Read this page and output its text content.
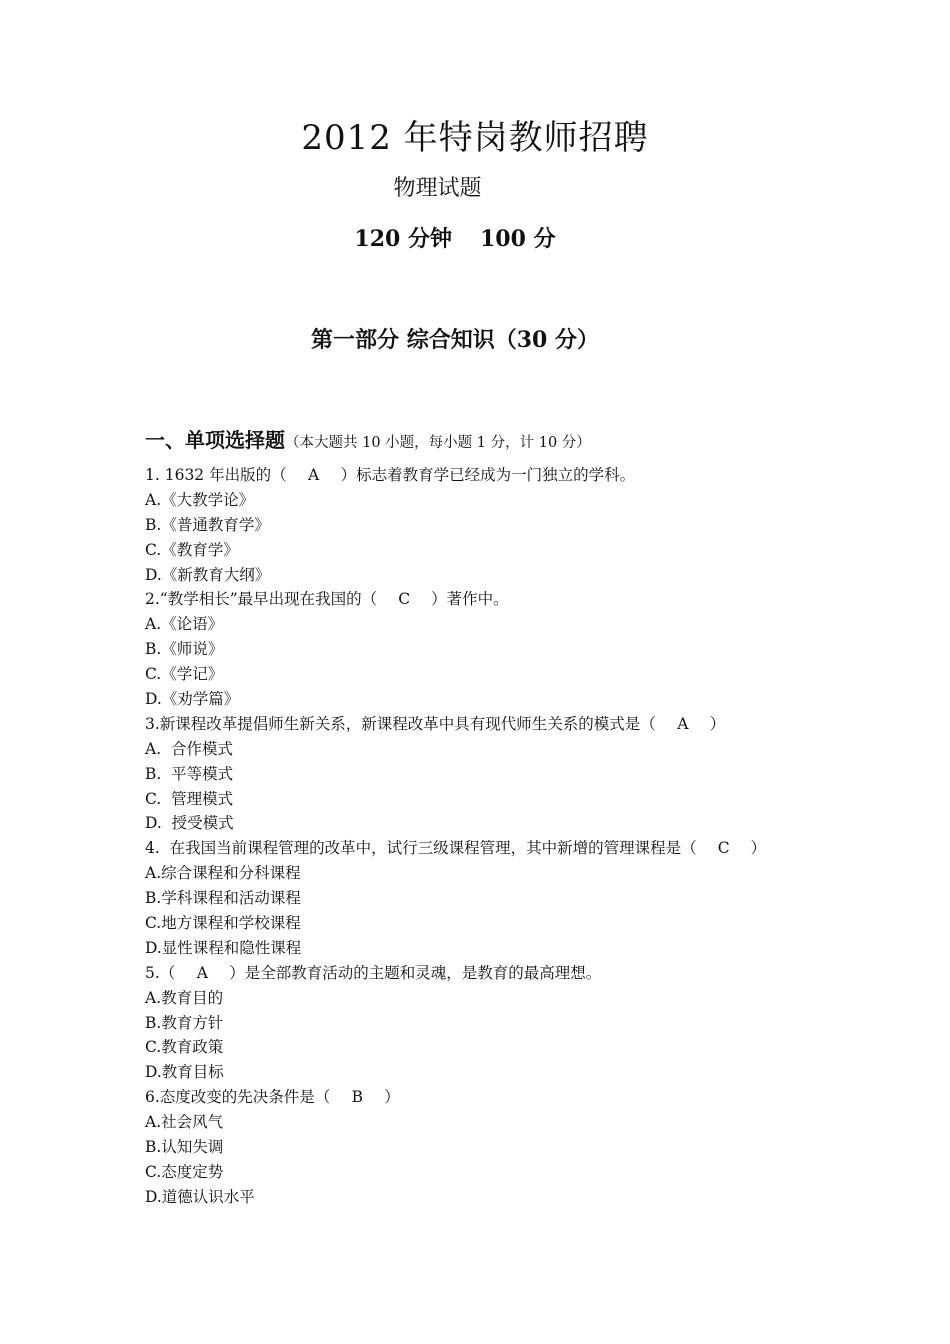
2012 年特岗教师招聘
物理试题
120 分钟 100 分
第一部分 综合知识（30 分）
一、单项选择题（本大题共 10 小题，每小题 1 分，计 10 分）
1. 1632 年出版的（ A ）标志着教育学已经成为一门独立的学科。
A.《大教学论》
B.《普通教育学》
C.《教育学》
D.《新教育大纲》
2.“教学相长”最早出现在我国的（ C ）著作中。
A.《论语》
B.《师说》
C.《学记》
D.《劝学篇》
3.新课程改革提倡师生新关系，新课程改革中具有现代师生关系的模式是（ A ）
A.  合作模式
B.  平等模式
C.  管理模式
D.  授受模式
4.  在我国当前课程管理的改革中，试行三级课程管理，其中新增的管理课程是（ C ）
A.综合课程和分科课程
B.学科课程和活动课程
C.地方课程和学校课程
D.显性课程和隐性课程
5.（ A ）是全部教育活动的主题和灵魂，是教育的最高理想。
A.教育目的
B.教育方针
C.教育政策
D.教育目标
6.态度改变的先决条件是（ B ）
A.社会风气
B.认知失调
C.态度定势
D.道德认识水平
